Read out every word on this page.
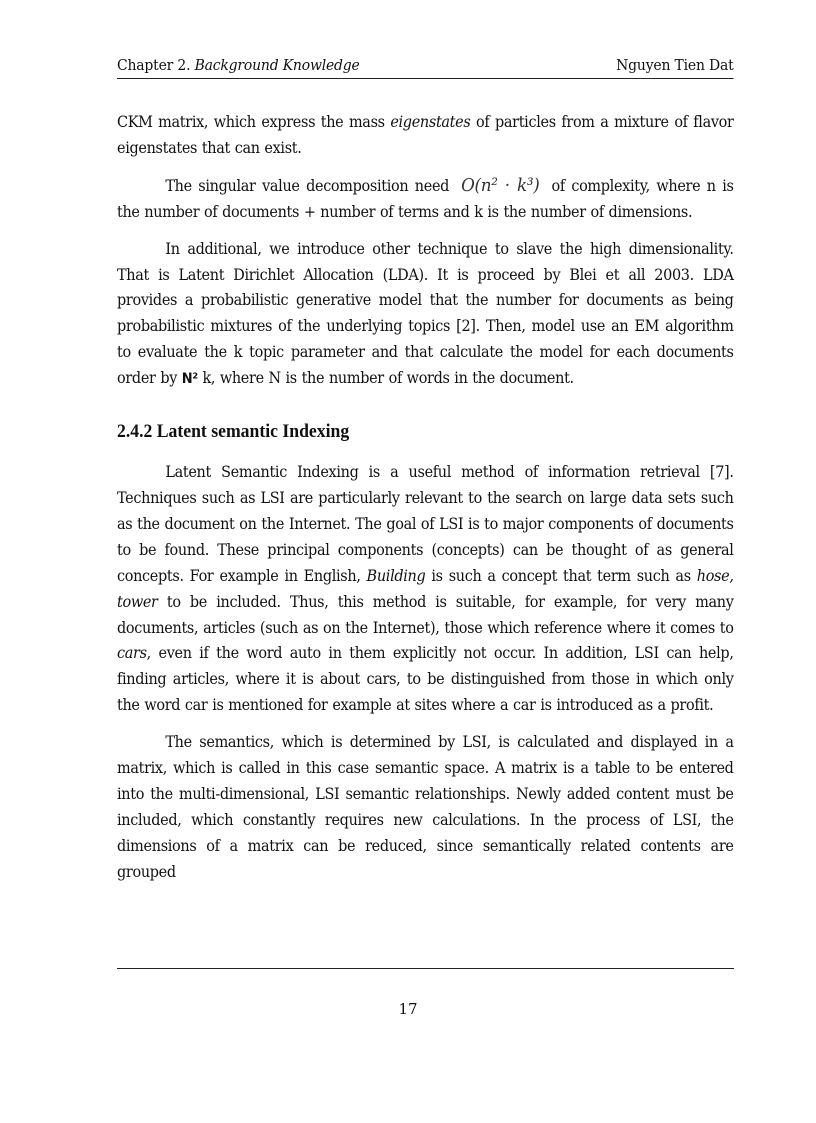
Chapter 2. Background Knowledge	Nguyen Tien Dat

CKM matrix, which express the mass eigenstates of particles from a mixture of flavor eigenstates that can exist.

The singular value decomposition need O(n² · k³) of complexity, where n is the number of documents + number of terms and k is the number of dimensions.

In additional, we introduce other technique to slave the high dimensionality. That is Latent Dirichlet Allocation (LDA). It is proceed by Blei et all 2003. LDA provides a probabilistic generative model that the number for documents as being probabilistic mixtures of the underlying topics [2]. Then, model use an EM algorithm to evaluate the k topic parameter and that calculate the model for each documents order by N² k, where N is the number of words in the document.

2.4.2 Latent semantic Indexing

Latent Semantic Indexing is a useful method of information retrieval [7]. Techniques such as LSI are particularly relevant to the search on large data sets such as the document on the Internet. The goal of LSI is to major components of documents to be found. These principal components (concepts) can be thought of as general concepts. For example in English, Building is such a concept that term such as hose, tower to be included. Thus, this method is suitable, for example, for very many documents, articles (such as on the Internet), those which reference where it comes to cars, even if the word auto in them explicitly not occur. In addition, LSI can help, finding articles, where it is about cars, to be distinguished from those in which only the word car is mentioned for example at sites where a car is introduced as a profit.

The semantics, which is determined by LSI, is calculated and displayed in a matrix, which is called in this case semantic space. A matrix is a table to be entered into the multi-dimensional, LSI semantic relationships. Newly added content must be included, which constantly requires new calculations. In the process of LSI, the dimensions of a matrix can be reduced, since semantically related contents are grouped

17
